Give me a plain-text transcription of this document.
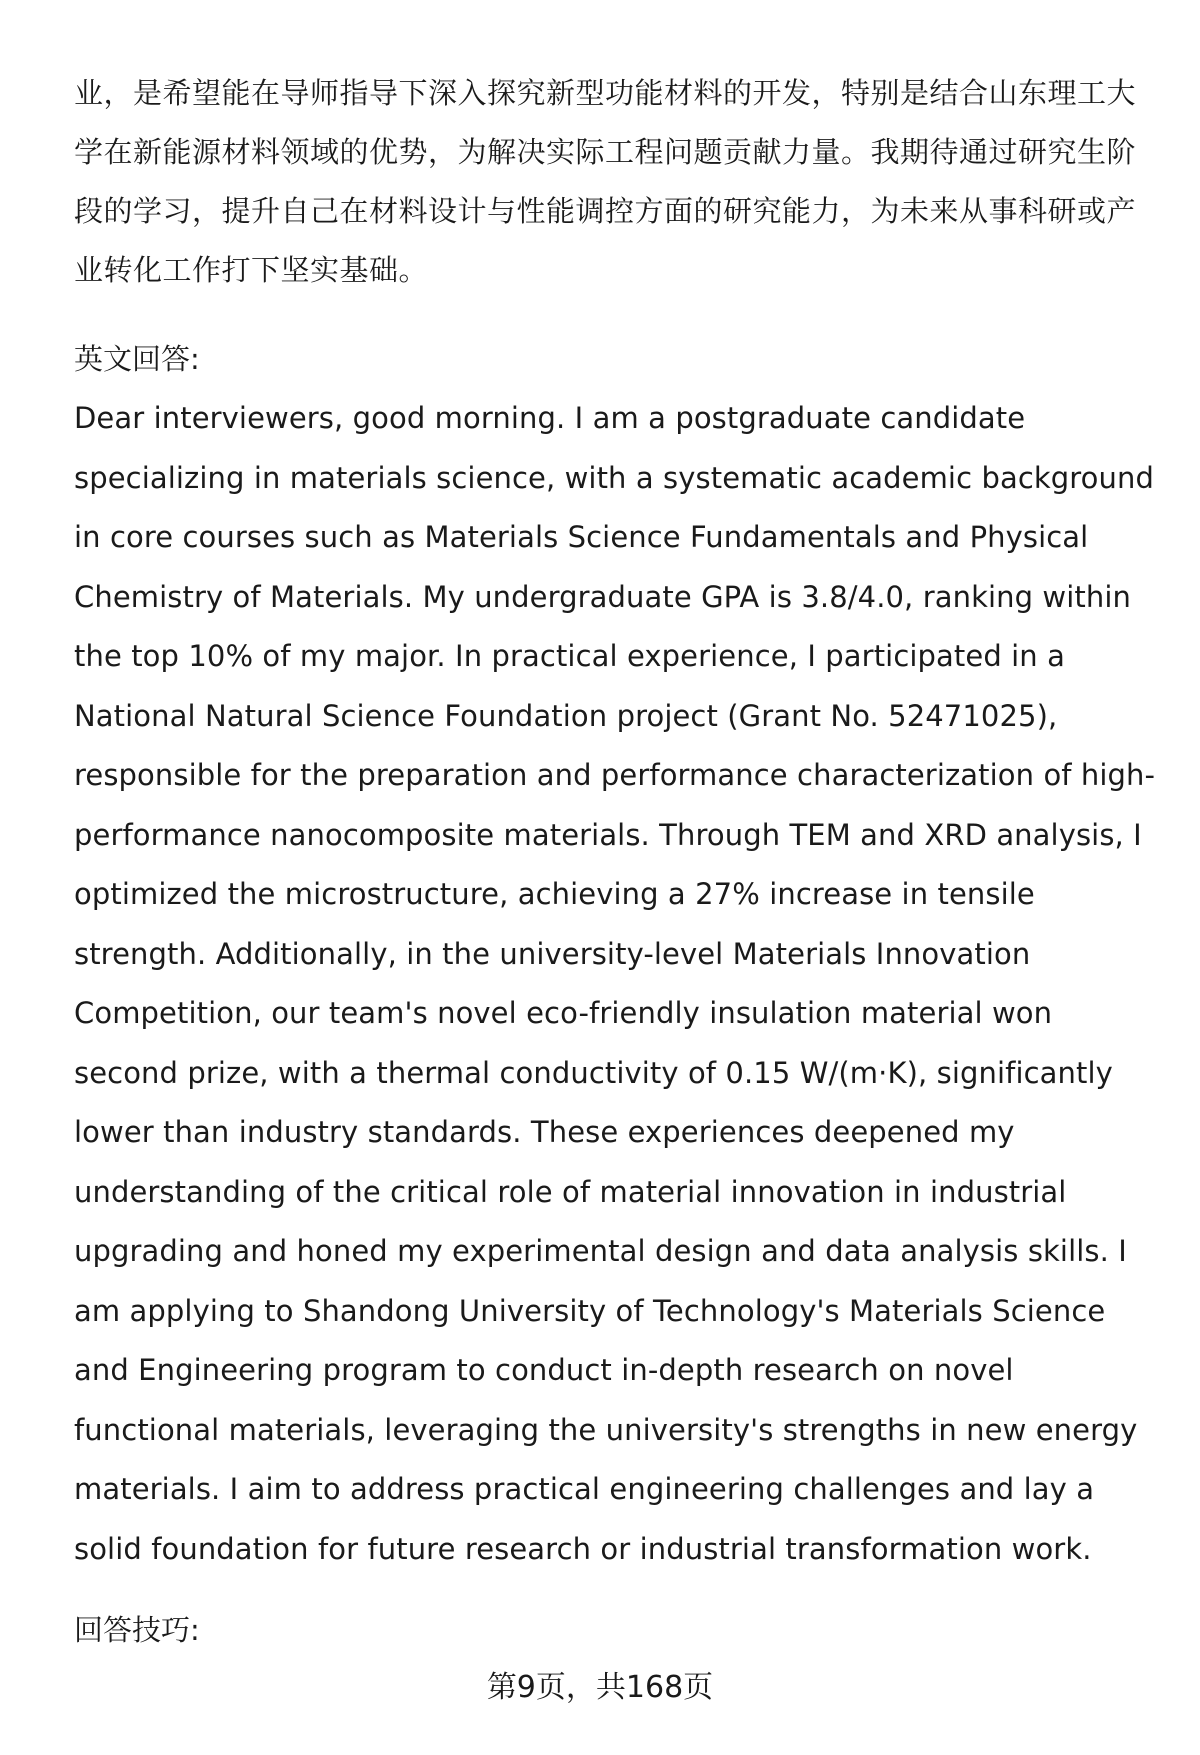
业，是希望能在导师指导下深入探究新型功能材料的开发，特别是结合山东理工大学在新能源材料领域的优势，为解决实际工程问题贡献力量。我期待通过研究生阶段的学习，提升自己在材料设计与性能调控方面的研究能力，为未来从事科研或产业转化工作打下坚实基础。

英文回答:

Dear interviewers, good morning. I am a postgraduate candidate specializing in materials science, with a systematic academic background in core courses such as Materials Science Fundamentals and Physical Chemistry of Materials. My undergraduate GPA is 3.8/4.0, ranking within the top 10% of my major. In practical experience, I participated in a National Natural Science Foundation project (Grant No. 52471025), responsible for the preparation and performance characterization of high-performance nanocomposite materials. Through TEM and XRD analysis, I optimized the microstructure, achieving a 27% increase in tensile strength. Additionally, in the university-level Materials Innovation Competition, our team's novel eco-friendly insulation material won second prize, with a thermal conductivity of 0.15 W/(m·K), significantly lower than industry standards. These experiences deepened my understanding of the critical role of material innovation in industrial upgrading and honed my experimental design and data analysis skills. I am applying to Shandong University of Technology's Materials Science and Engineering program to conduct in-depth research on novel functional materials, leveraging the university's strengths in new energy materials. I aim to address practical engineering challenges and lay a solid foundation for future research or industrial transformation work.

回答技巧:

第9页，共168页
